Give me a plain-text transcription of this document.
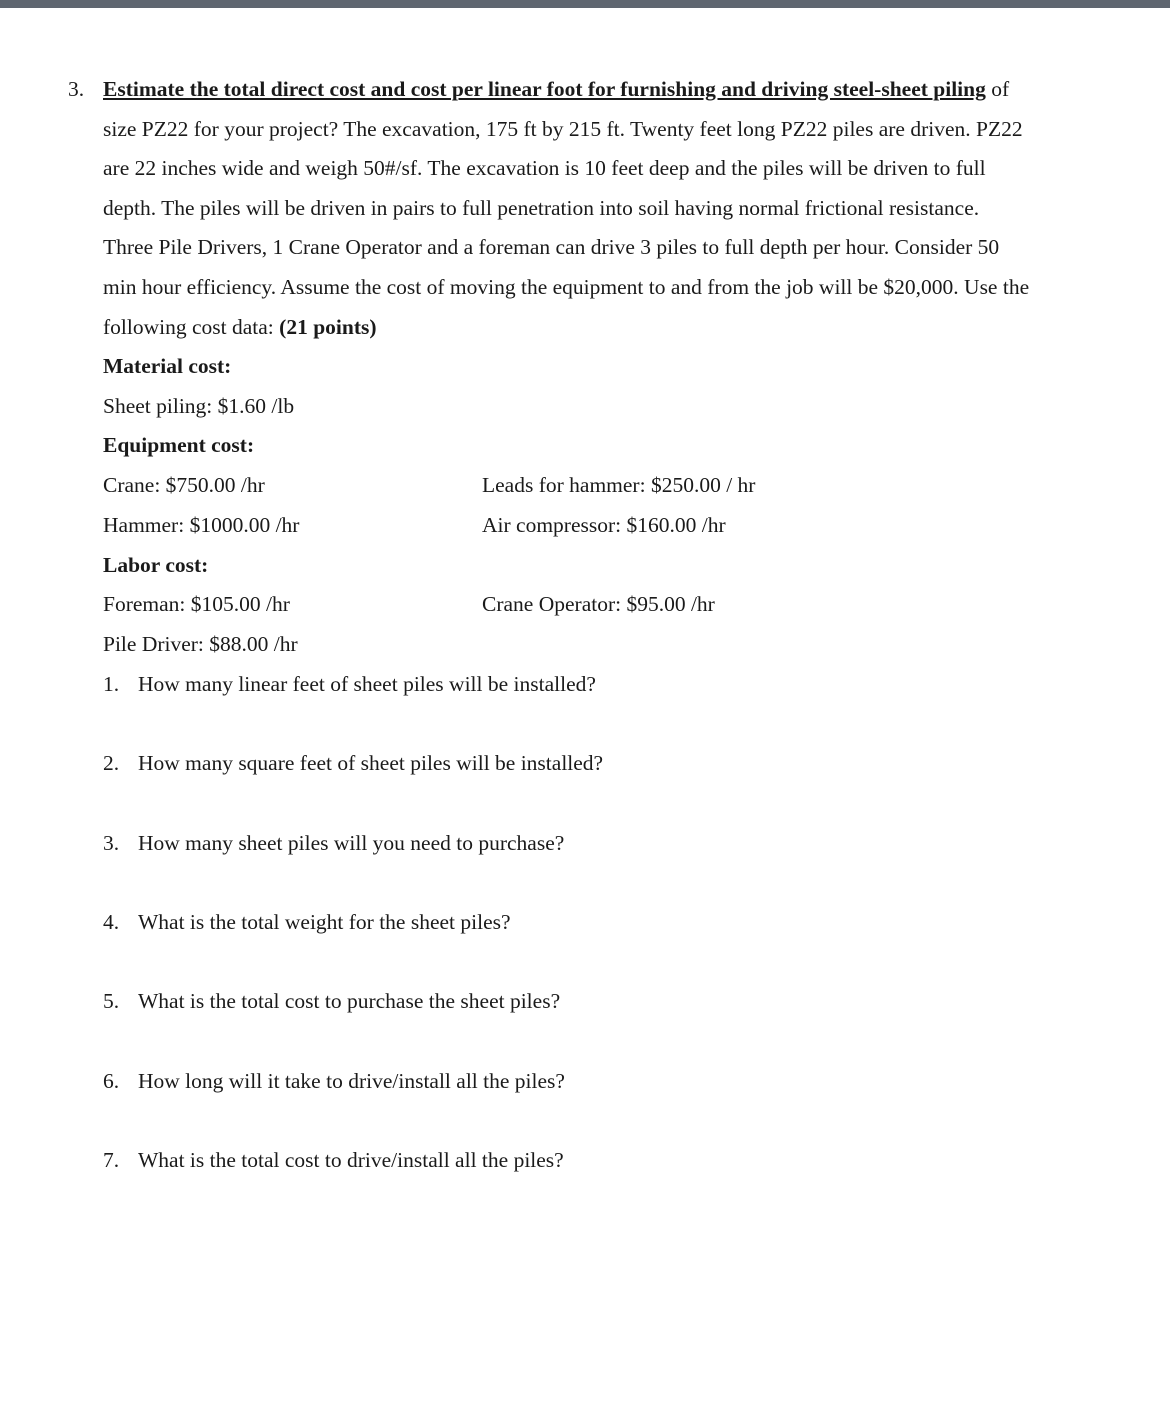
3. Estimate the total direct cost and cost per linear foot for furnishing and driving steel-sheet piling of
size PZ22 for your project? The excavation, 175 ft by 215 ft. Twenty feet long PZ22 piles are driven. PZ22
are 22 inches wide and weigh 50#/sf. The excavation is 10 feet deep and the piles will be driven to full
depth. The piles will be driven in pairs to full penetration into soil having normal frictional resistance.
Three Pile Drivers, 1 Crane Operator and a foreman can drive 3 piles to full depth per hour. Consider 50
min hour efficiency. Assume the cost of moving the equipment to and from the job will be $20,000. Use the
following cost data: (21 points)
Material cost:
Sheet piling: $1.60 /lb
Equipment cost:
Crane: $750.00 /hr	Leads for hammer: $250.00 / hr
Hammer: $1000.00 /hr	Air compressor: $160.00 /hr
Labor cost:
Foreman: $105.00 /hr	Crane Operator: $95.00 /hr
Pile Driver: $88.00 /hr
1. How many linear feet of sheet piles will be installed?
2. How many square feet of sheet piles will be installed?
3. How many sheet piles will you need to purchase?
4. What is the total weight for the sheet piles?
5. What is the total cost to purchase the sheet piles?
6. How long will it take to drive/install all the piles?
7. What is the total cost to drive/install all the piles?
